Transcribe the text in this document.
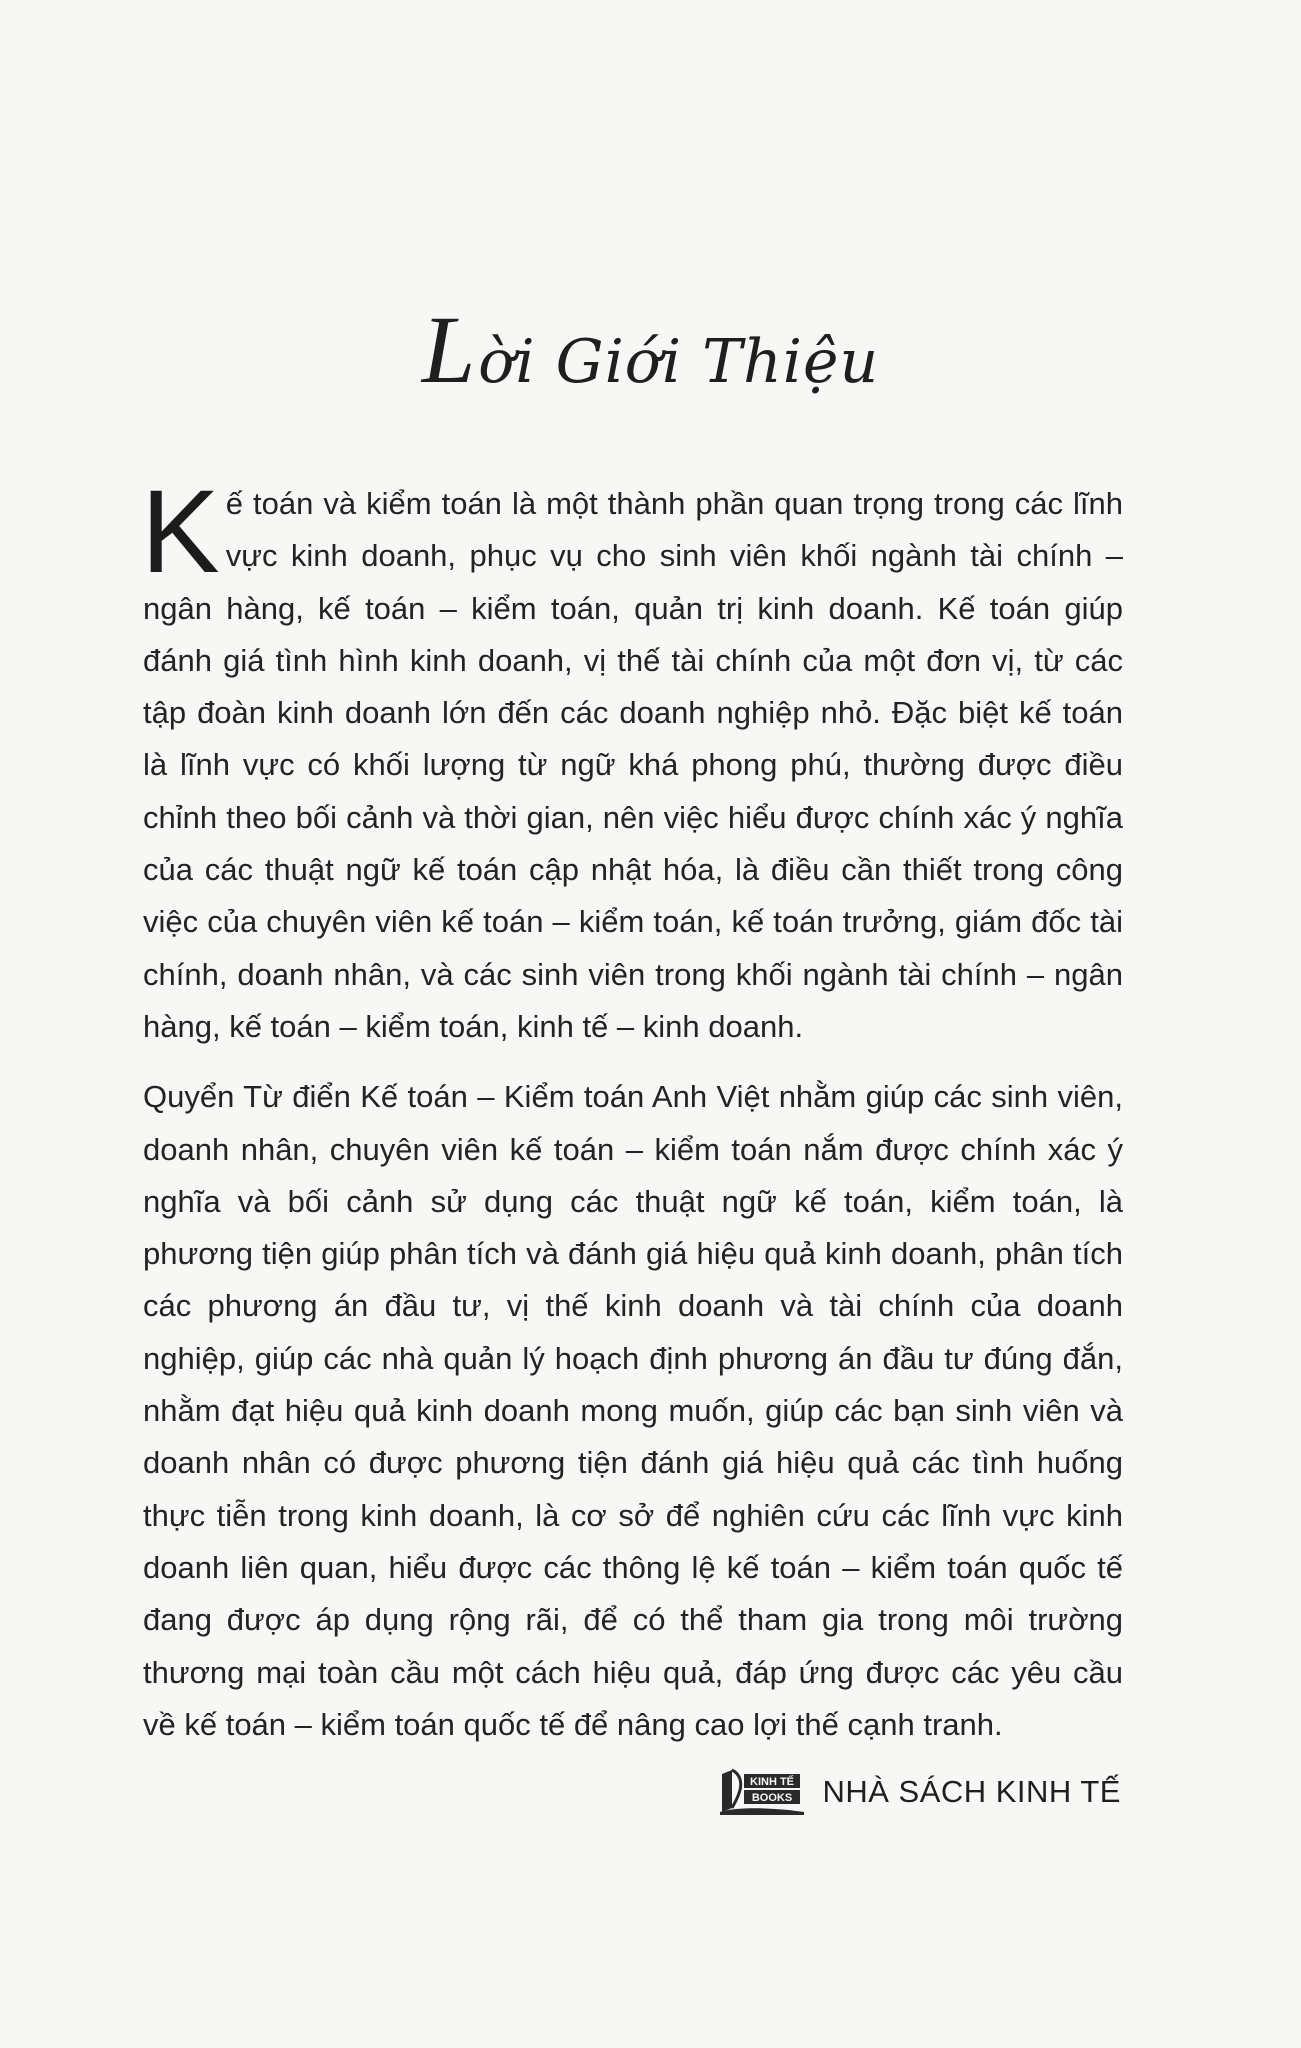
Lời Giới Thiệu

Kế toán và kiểm toán là một thành phần quan trọng trong các lĩnh vực kinh doanh, phục vụ cho sinh viên khối ngành tài chính – ngân hàng, kế toán – kiểm toán, quản trị kinh doanh. Kế toán giúp đánh giá tình hình kinh doanh, vị thế tài chính của một đơn vị, từ các tập đoàn kinh doanh lớn đến các doanh nghiệp nhỏ. Đặc biệt kế toán là lĩnh vực có khối lượng từ ngữ khá phong phú, thường được điều chỉnh theo bối cảnh và thời gian, nên việc hiểu được chính xác ý nghĩa của các thuật ngữ kế toán cập nhật hóa, là điều cần thiết trong công việc của chuyên viên kế toán – kiểm toán, kế toán trưởng, giám đốc tài chính, doanh nhân, và các sinh viên trong khối ngành tài chính – ngân hàng, kế toán – kiểm toán, kinh tế – kinh doanh.

Quyển Từ điển Kế toán – Kiểm toán Anh Việt nhằm giúp các sinh viên, doanh nhân, chuyên viên kế toán – kiểm toán nắm được chính xác ý nghĩa và bối cảnh sử dụng các thuật ngữ kế toán, kiểm toán, là phương tiện giúp phân tích và đánh giá hiệu quả kinh doanh, phân tích các phương án đầu tư, vị thế kinh doanh và tài chính của doanh nghiệp, giúp các nhà quản lý hoạch định phương án đầu tư đúng đắn, nhằm đạt hiệu quả kinh doanh mong muốn, giúp các bạn sinh viên và doanh nhân có được phương tiện đánh giá hiệu quả các tình huống thực tiễn trong kinh doanh, là cơ sở để nghiên cứu các lĩnh vực kinh doanh liên quan, hiểu được các thông lệ kế toán – kiểm toán quốc tế đang được áp dụng rộng rãi, để có thể tham gia trong môi trường thương mại toàn cầu một cách hiệu quả, đáp ứng được các yêu cầu về kế toán – kiểm toán quốc tế để nâng cao lợi thế cạnh tranh.

KINH TẾ
BOOKS NHÀ SÁCH KINH TẾ
